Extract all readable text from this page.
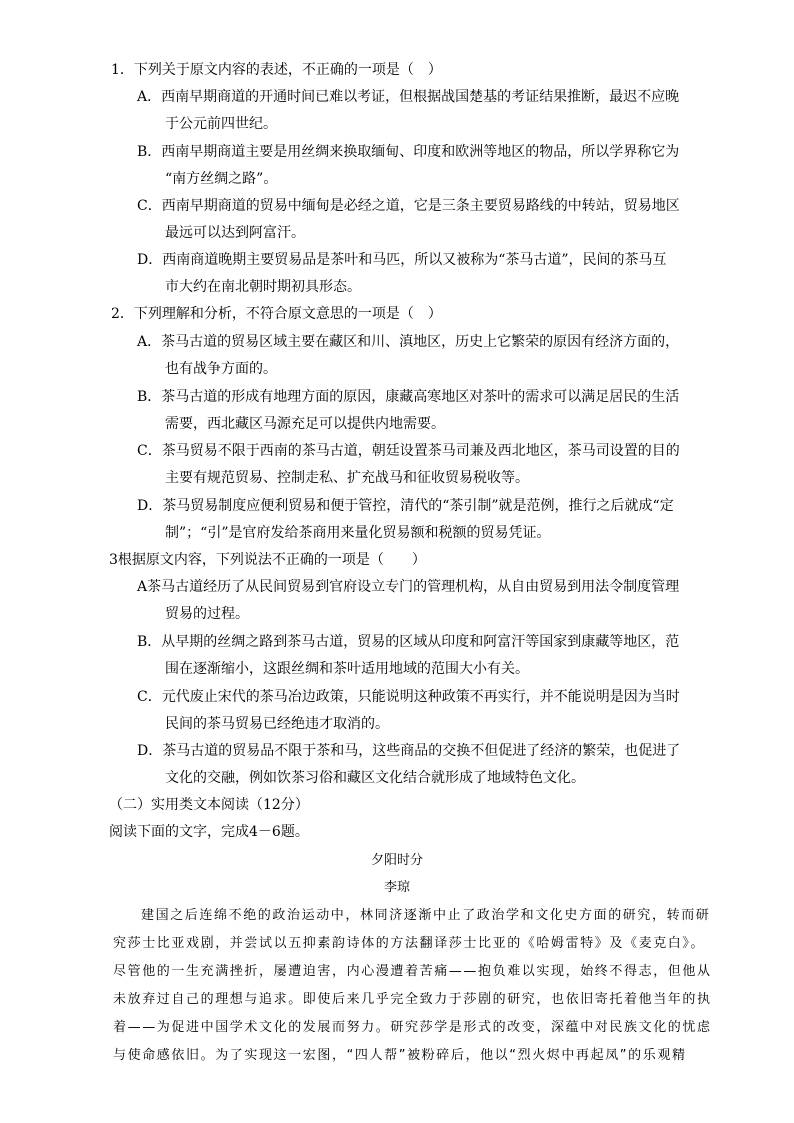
1．下列关于原文内容的表述，不正确的一项是（　）
A．西南早期商道的开通时间已难以考证，但根据战国楚基的考证结果推断，最迟不应晚
于公元前四世纪。
B．西南早期商道主要是用丝绸来换取缅甸、印度和欧洲等地区的物品，所以学界称它为
“南方丝绸之路”。
C．西南早期商道的贸易中缅甸是必经之道，它是三条主要贸易路线的中转站，贸易地区
最远可以达到阿富汗。
D．西南商道晚期主要贸易品是茶叶和马匹，所以又被称为“茶马古道”，民间的茶马互
市大约在南北朝时期初具形态。
2．下列理解和分析，不符合原文意思的一项是（　）
A．茶马古道的贸易区域主要在藏区和川、滇地区，历史上它繁荣的原因有经济方面的，
也有战争方面的。
B．茶马古道的形成有地理方面的原因，康藏高寒地区对茶叶的需求可以满足居民的生活
需要，西北藏区马源充足可以提供内地需要。
C．茶马贸易不限于西南的茶马古道，朝廷设置茶马司兼及西北地区，茶马司设置的目的
主要有规范贸易、控制走私、扩充战马和征收贸易税收等。
D．茶马贸易制度应便利贸易和便于管控，清代的“茶引制”就是范例，推行之后就成“定
制”；“引”是官府发给茶商用来量化贸易额和税额的贸易凭证。
3根据原文内容，下列说法不正确的一项是（　　）
A茶马古道经历了从民间贸易到官府设立专门的管理机构，从自由贸易到用法令制度管理
贸易的过程。
B．从早期的丝绸之路到茶马古道，贸易的区域从印度和阿富汗等国家到康藏等地区，范
围在逐渐缩小，这跟丝绸和茶叶适用地域的范围大小有关。
C．元代废止宋代的茶马冶边政策，只能说明这种政策不再实行，并不能说明是因为当时
民间的茶马贸易已经绝违才取消的。
D．茶马古道的贸易品不限于茶和马，这些商品的交换不但促进了经济的繁荣，也促进了
文化的交融，例如饮茶习俗和藏区文化结合就形成了地域特色文化。
（二）实用类文本阅读（12分）
阅读下面的文字，完成4－6题。
夕阳时分
李琼
建国之后连绵不绝的政治运动中，林同济逐渐中止了政治学和文化史方面的研究，转而研
究莎士比亚戏剧，并尝试以五抑素韵诗体的方法翻译莎士比亚的《哈姆雷特》及《麦克白》。
尽管他的一生充满挫折，屡遭迫害，内心漫遭着苦痛——抱负难以实现，始终不得志，但他从
未放弃过自己的理想与追求。即使后来几乎完全致力于莎剧的研究，也依旧寄托着他当年的执
着——为促进中国学术文化的发展而努力。研究莎学是形式的改变，深蕴中对民族文化的忧虑
与使命感依旧。为了实现这一宏图，“四人帮”被粉碎后，他以“烈火烬中再起凤”的乐观精
